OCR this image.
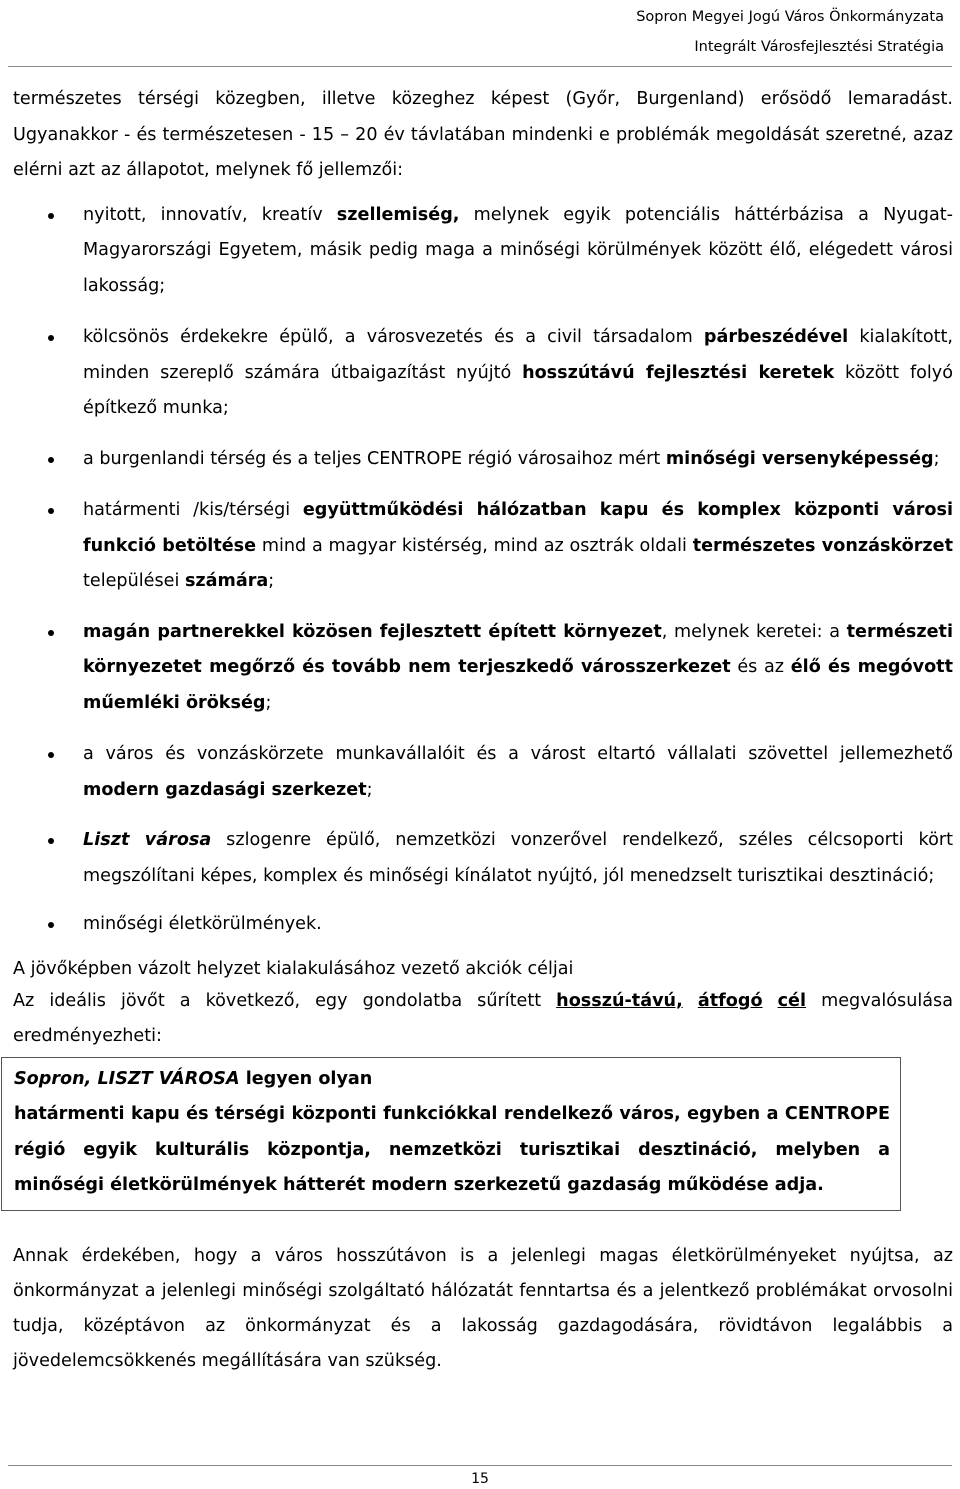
Sopron Megyei Jogú Város Önkormányzata
Integrált Városfejlesztési Stratégia
természetes térségi közegben, illetve közeghez képest (Győr, Burgenland) erősödő lemaradást. Ugyanakkor - és természetesen - 15 – 20 év távlatában mindenki e problémák megoldását szeretné, azaz elérni azt az állapotot, melynek fő jellemzői:
nyitott, innovatív, kreatív szellemiség, melynek egyik potenciális háttérbázisa a Nyugat-Magyarországi Egyetem, másik pedig maga a minőségi körülmények között élő, elégedett városi lakosság;
kölcsönös érdekekre épülő, a városvezetés és a civil társadalom párbeszédével kialakított, minden szereplő számára útbaigazítást nyújtó hosszútávú fejlesztési keretek között folyó építkező munka;
a burgenlandi térség és a teljes CENTROPE régió városaihoz mért minőségi versenyképesség;
határmenti /kis/térségi együttműködési hálózatban kapu és komplex központi városi funkció betöltése mind a magyar kistérség, mind az osztrák oldali természetes vonzáskörzet települései számára;
magán partnerekkel közösen fejlesztett épített környezet, melynek keretei: a természeti környezetet megőrző és tovább nem terjeszkedő városszerkezet és az élő és megóvott műemléki örökség;
a város és vonzáskörzete munkavállalóit és a várost eltartó vállalati szövettel jellemezhető modern gazdasági szerkezet;
Liszt városa szlogenre épülő, nemzetközi vonzerővel rendelkező, széles célcsoporti kört megszólítani képes, komplex és minőségi kínálatot nyújtó, jól menedzselt turisztikai desztináció;
minőségi életkörülmények.
A jövőképben vázolt helyzet kialakulásához vezető akciók céljai
Az ideális jövőt a következő, egy gondolatba sűrített hosszú-távú, átfogó cél megvalósulása eredményezheti:
Sopron, LISZT VÁROSA legyen olyan
határmenti kapu és térségi központi funkciókkal rendelkező város, egyben a CENTROPE régió egyik kulturális központja, nemzetközi turisztikai desztináció, melyben a minőségi életkörülmények hátterét modern szerkezetű gazdaság működése adja.
Annak érdekében, hogy a város hosszútávon is a jelenlegi magas életkörülményeket nyújtsa, az önkormányzat a jelenlegi minőségi szolgáltató hálózatát fenntartsa és a jelentkező problémákat orvosolni tudja, középtávon az önkormányzat és a lakosság gazdagodására, rövidtávon legalábbis a jövedelemcsökkenés megállítására van szükség.
15
